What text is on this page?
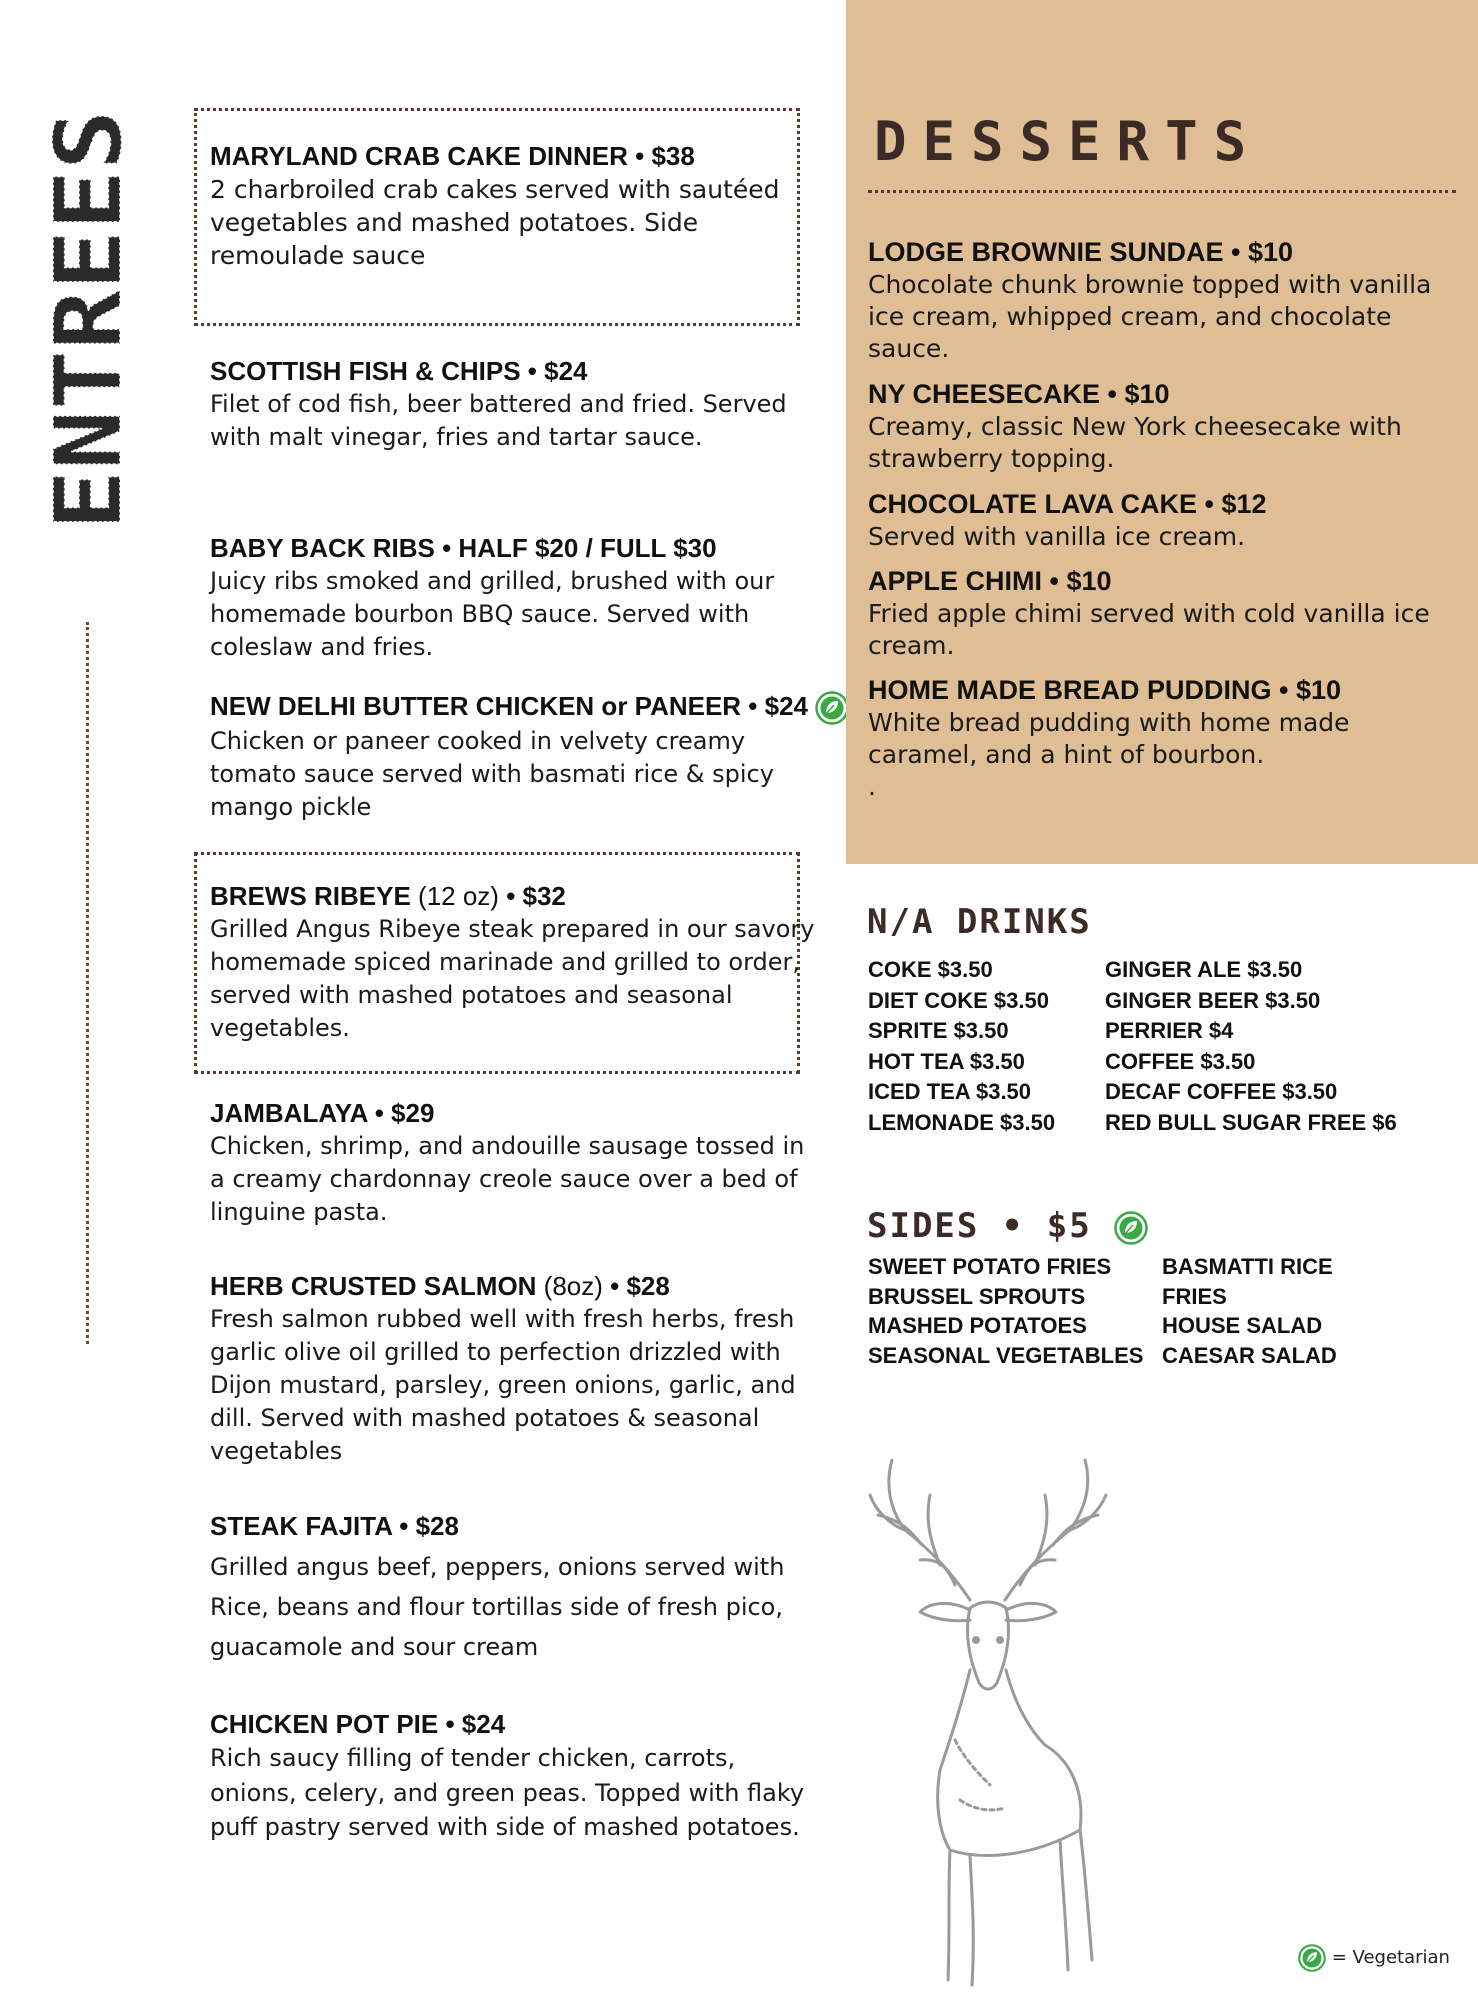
ENTREES	MARYLAND CRAB CAKE DINNER • $38

2 charbroiled crab cakes served with sautéed vegetables and mashed potatoes. Side remoulade sauce

SCOTTISH FISH & CHIPS • $24

Filet of cod fish, beer battered and fried. Served with malt vinegar, fries and tartar sauce.

BABY BACK RIBS • HALF $20 / FULL $30

Juicy ribs smoked and grilled, brushed with our homemade bourbon BBQ sauce. Served with coleslaw and fries.

NEW DELHI BUTTER CHICKEN or PANEER • $24

Chicken or paneer cooked in velvety creamy tomato sauce served with basmati rice & spicy mango pickle

BREWS RIBEYE (12 oz) • $32

Grilled Angus Ribeye steak prepared in our savory homemade spiced marinade and grilled to order, served with mashed potatoes and seasonal vegetables.

JAMBALAYA • $29

Chicken, shrimp, and andouille sausage tossed in a creamy chardonnay creole sauce over a bed of linguine pasta.

HERB CRUSTED SALMON (8oz) • $28

Fresh salmon rubbed well with fresh herbs, fresh garlic olive oil grilled to perfection drizzled with Dijon mustard, parsley, green onions, garlic, and dill. Served with mashed potatoes & seasonal vegetables

STEAK FAJITA • $28

Grilled angus beef, peppers, onions served with Rice, beans and flour tortillas side of fresh pico, guacamole and sour cream

CHICKEN POT PIE • $24

Rich saucy filling of tender chicken, carrots, onions, celery, and green peas. Topped with flaky puff pastry served with side of mashed potatoes.

DESSERTS
LODGE BROWNIE SUNDAE • $10

Chocolate chunk brownie topped with vanilla ice cream, whipped cream, and chocolate sauce.

NY CHEESECAKE • $10

Creamy, classic New York cheesecake with strawberry topping.

CHOCOLATE LAVA CAKE • $12

Served with vanilla ice cream.

APPLE CHIMI • $10

Fried apple chimi served with cold vanilla ice cream.

HOME MADE BREAD PUDDING • $10

White bread pudding with home made caramel, and a hint of bourbon.

.

N/A DRINKS
COKE $3.50
DIET COKE $3.50
SPRITE $3.50
HOT TEA $3.50
ICED TEA $3.50
LEMONADE $3.50
GINGER ALE $3.50
GINGER BEER $3.50
PERRIER $4
COFFEE $3.50
DECAF COFFEE $3.50
RED BULL SUGAR FREE $6
SIDES • $5
SWEET POTATO FRIES
BRUSSEL SPROUTS
MASHED POTATOES
SEASONAL VEGETABLES
BASMATTI RICE
FRIES
HOUSE SALAD
CAESAR SALAD
= Vegetarian
